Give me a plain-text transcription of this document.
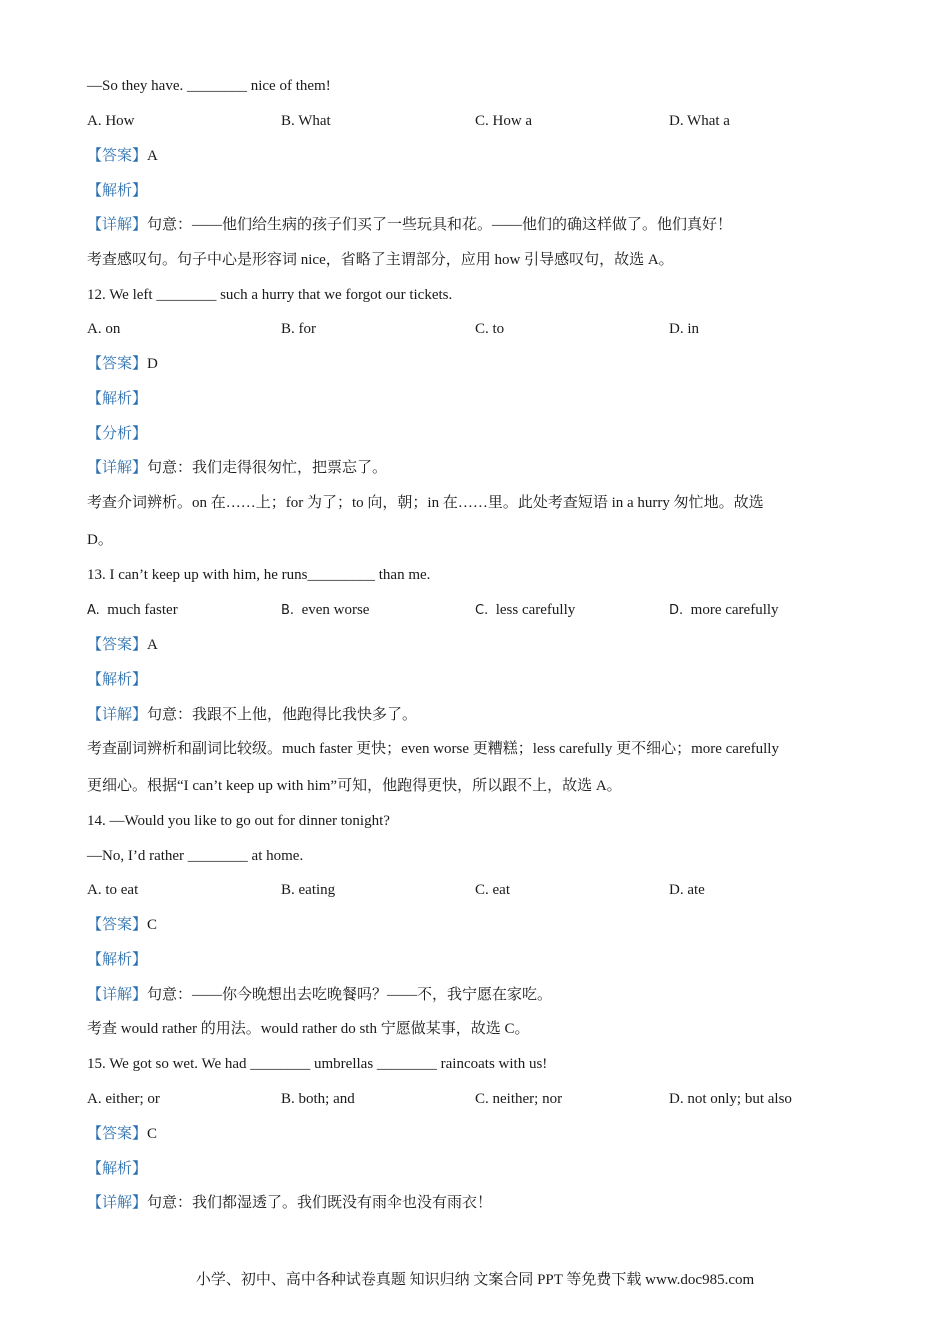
—So they have. ________ nice of them!
A. How	B. What	C. How a	D. What a
【答案】A
【解析】
【详解】句意：——他们给生病的孩子们买了一些玩具和花。——他们的确这样做了。他们真好！
考查感叹句。句子中心是形容词 nice，省略了主谓部分，应用 how 引导感叹句，故选 A。
12. We left ________ such a hurry that we forgot our tickets.
A. on	B. for	C. to	D. in
【答案】D
【解析】
【分析】
【详解】句意：我们走得很匆忙，把票忘了。
考查介词辨析。on 在……上；for 为了；to 向，朝；in 在……里。此处考查短语 in a hurry 匆忙地。故选
D。
13. I can’t keep up with him, he runs_________ than me.
A. much faster	B. even worse	C. less carefully	D. more carefully
【答案】A
【解析】
【详解】句意：我跟不上他，他跑得比我快多了。
考查副词辨析和副词比较级。much faster 更快；even worse 更糟糕；less carefully 更不细心；more carefully
更细心。根据“I can’t keep up with him”可知，他跑得更快，所以跟不上，故选 A。
14. —Would you like to go out for dinner tonight?
—No, I’d rather ________ at home.
A. to eat	B. eating	C. eat	D. ate
【答案】C
【解析】
【详解】句意：——你今晚想出去吃晚餐吗？——不，我宁愿在家吃。
考查 would rather 的用法。would rather do sth 宁愿做某事，故选 C。
15. We got so wet. We had ________ umbrellas ________ raincoats with us!
A. either; or	B. both; and	C. neither; nor	D. not only; but also
【答案】C
【解析】
【详解】句意：我们都湿透了。我们既没有雨伞也没有雨衣！
小学、初中、高中各种试卷真题 知识归纳 文案合同 PPT 等免费下载 www.doc985.com
